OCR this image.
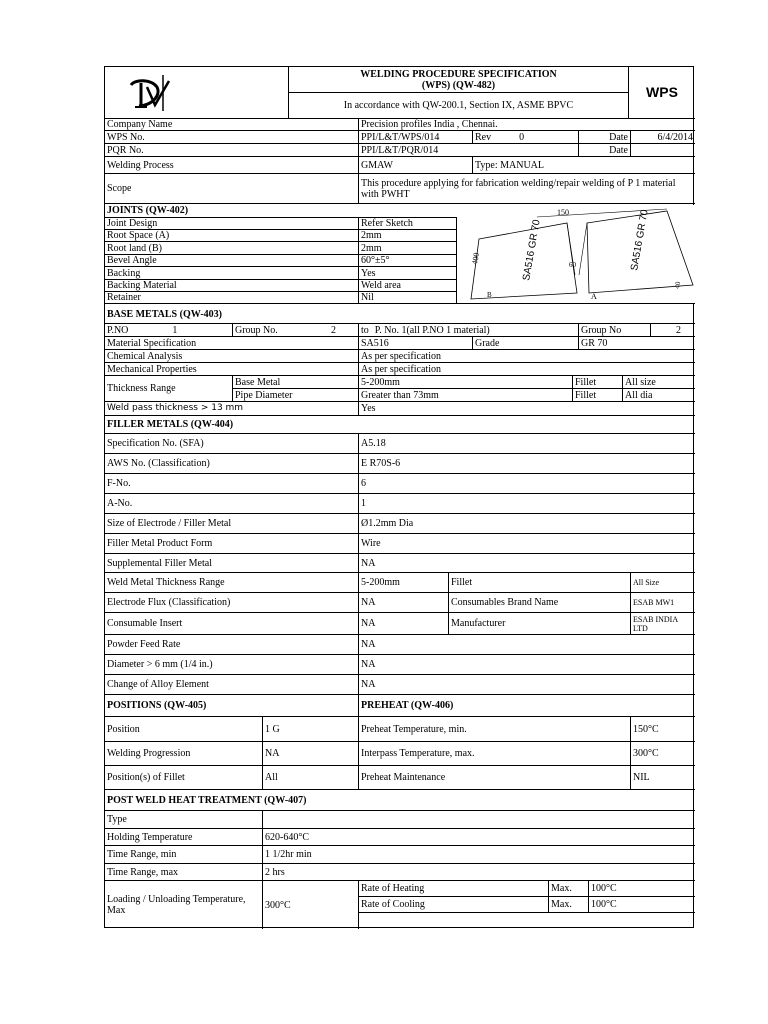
WELDING PROCEDURE SPECIFICATION
(WPS) (QW-482)
In accordance with QW-200.1, Section IX, ASME BPVC
WPS
Company Name	Precision profiles India , Chennai.
WPS No.	PPI/L&T/WPS/014	Rev	0	Date	6/4/2014
PQR No.	PPI/L&T/PQR/014	Date
Welding Process	GMAW	Type: MANUAL
Scope	This procedure applying for fabrication welding/repair welding of P 1 material with PWHT
JOINTS (QW-402)
Joint Design	Refer Sketch
Root Space (A)	2mm
Root land (B)	2mm
Bevel Angle	60°±5°
Backing	Yes
Backing Material	Weld area
Retainer	Nil
150
400	SA516 GR 70	SA516 GR 70
60
A
B
40
BASE METALS (QW-403)
P.NO	1	Group No.	2	to P. No. 1(all P.NO 1 material)	Group No	2
Material Specification	SA516	Grade	GR 70
Chemical Analysis	As per specification
Mechanical Properties	As per specification
Thickness Range
Base Metal	5-200mm	Fillet	All size
Pipe Diameter	Greater than 73mm	Fillet	All dia
Weld pass thickness > 13 mm	Yes
FILLER METALS (QW-404)
Specification No. (SFA)	A5.18
AWS No. (Classification)	E R70S-6
F-No.	6
A-No.	1
Size of Electrode / Filler Metal	Ø1.2mm Dia
Filler Metal Product Form	Wire
Supplemental Filler Metal	NA
Weld Metal Thickness Range	5-200mm	Fillet	All Size
Electrode Flux (Classification)	NA	Consumables Brand Name	ESAB MW1
Consumable Insert	NA	Manufacturer	ESAB INDIA LTD
Powder Feed Rate	NA
Diameter > 6 mm (1/4 in.)	NA
Change of Alloy Element	NA
POSITIONS (QW-405)	PREHEAT (QW-406)
Position	1 G	Preheat Temperature, min.	150°C
Welding Progression	NA	Interpass Temperature, max.	300°C
Position(s) of Fillet	All	Preheat Maintenance	NIL
POST WELD HEAT TREATMENT (QW-407)
Type
Holding Temperature	620-640°C
Time Range, min	1 1/2hr min
Time Range, max	2 hrs
Loading / Unloading Temperature, Max	300°C
Rate of Heating	Max.	100°C
Rate of Cooling	Max.	100°C
